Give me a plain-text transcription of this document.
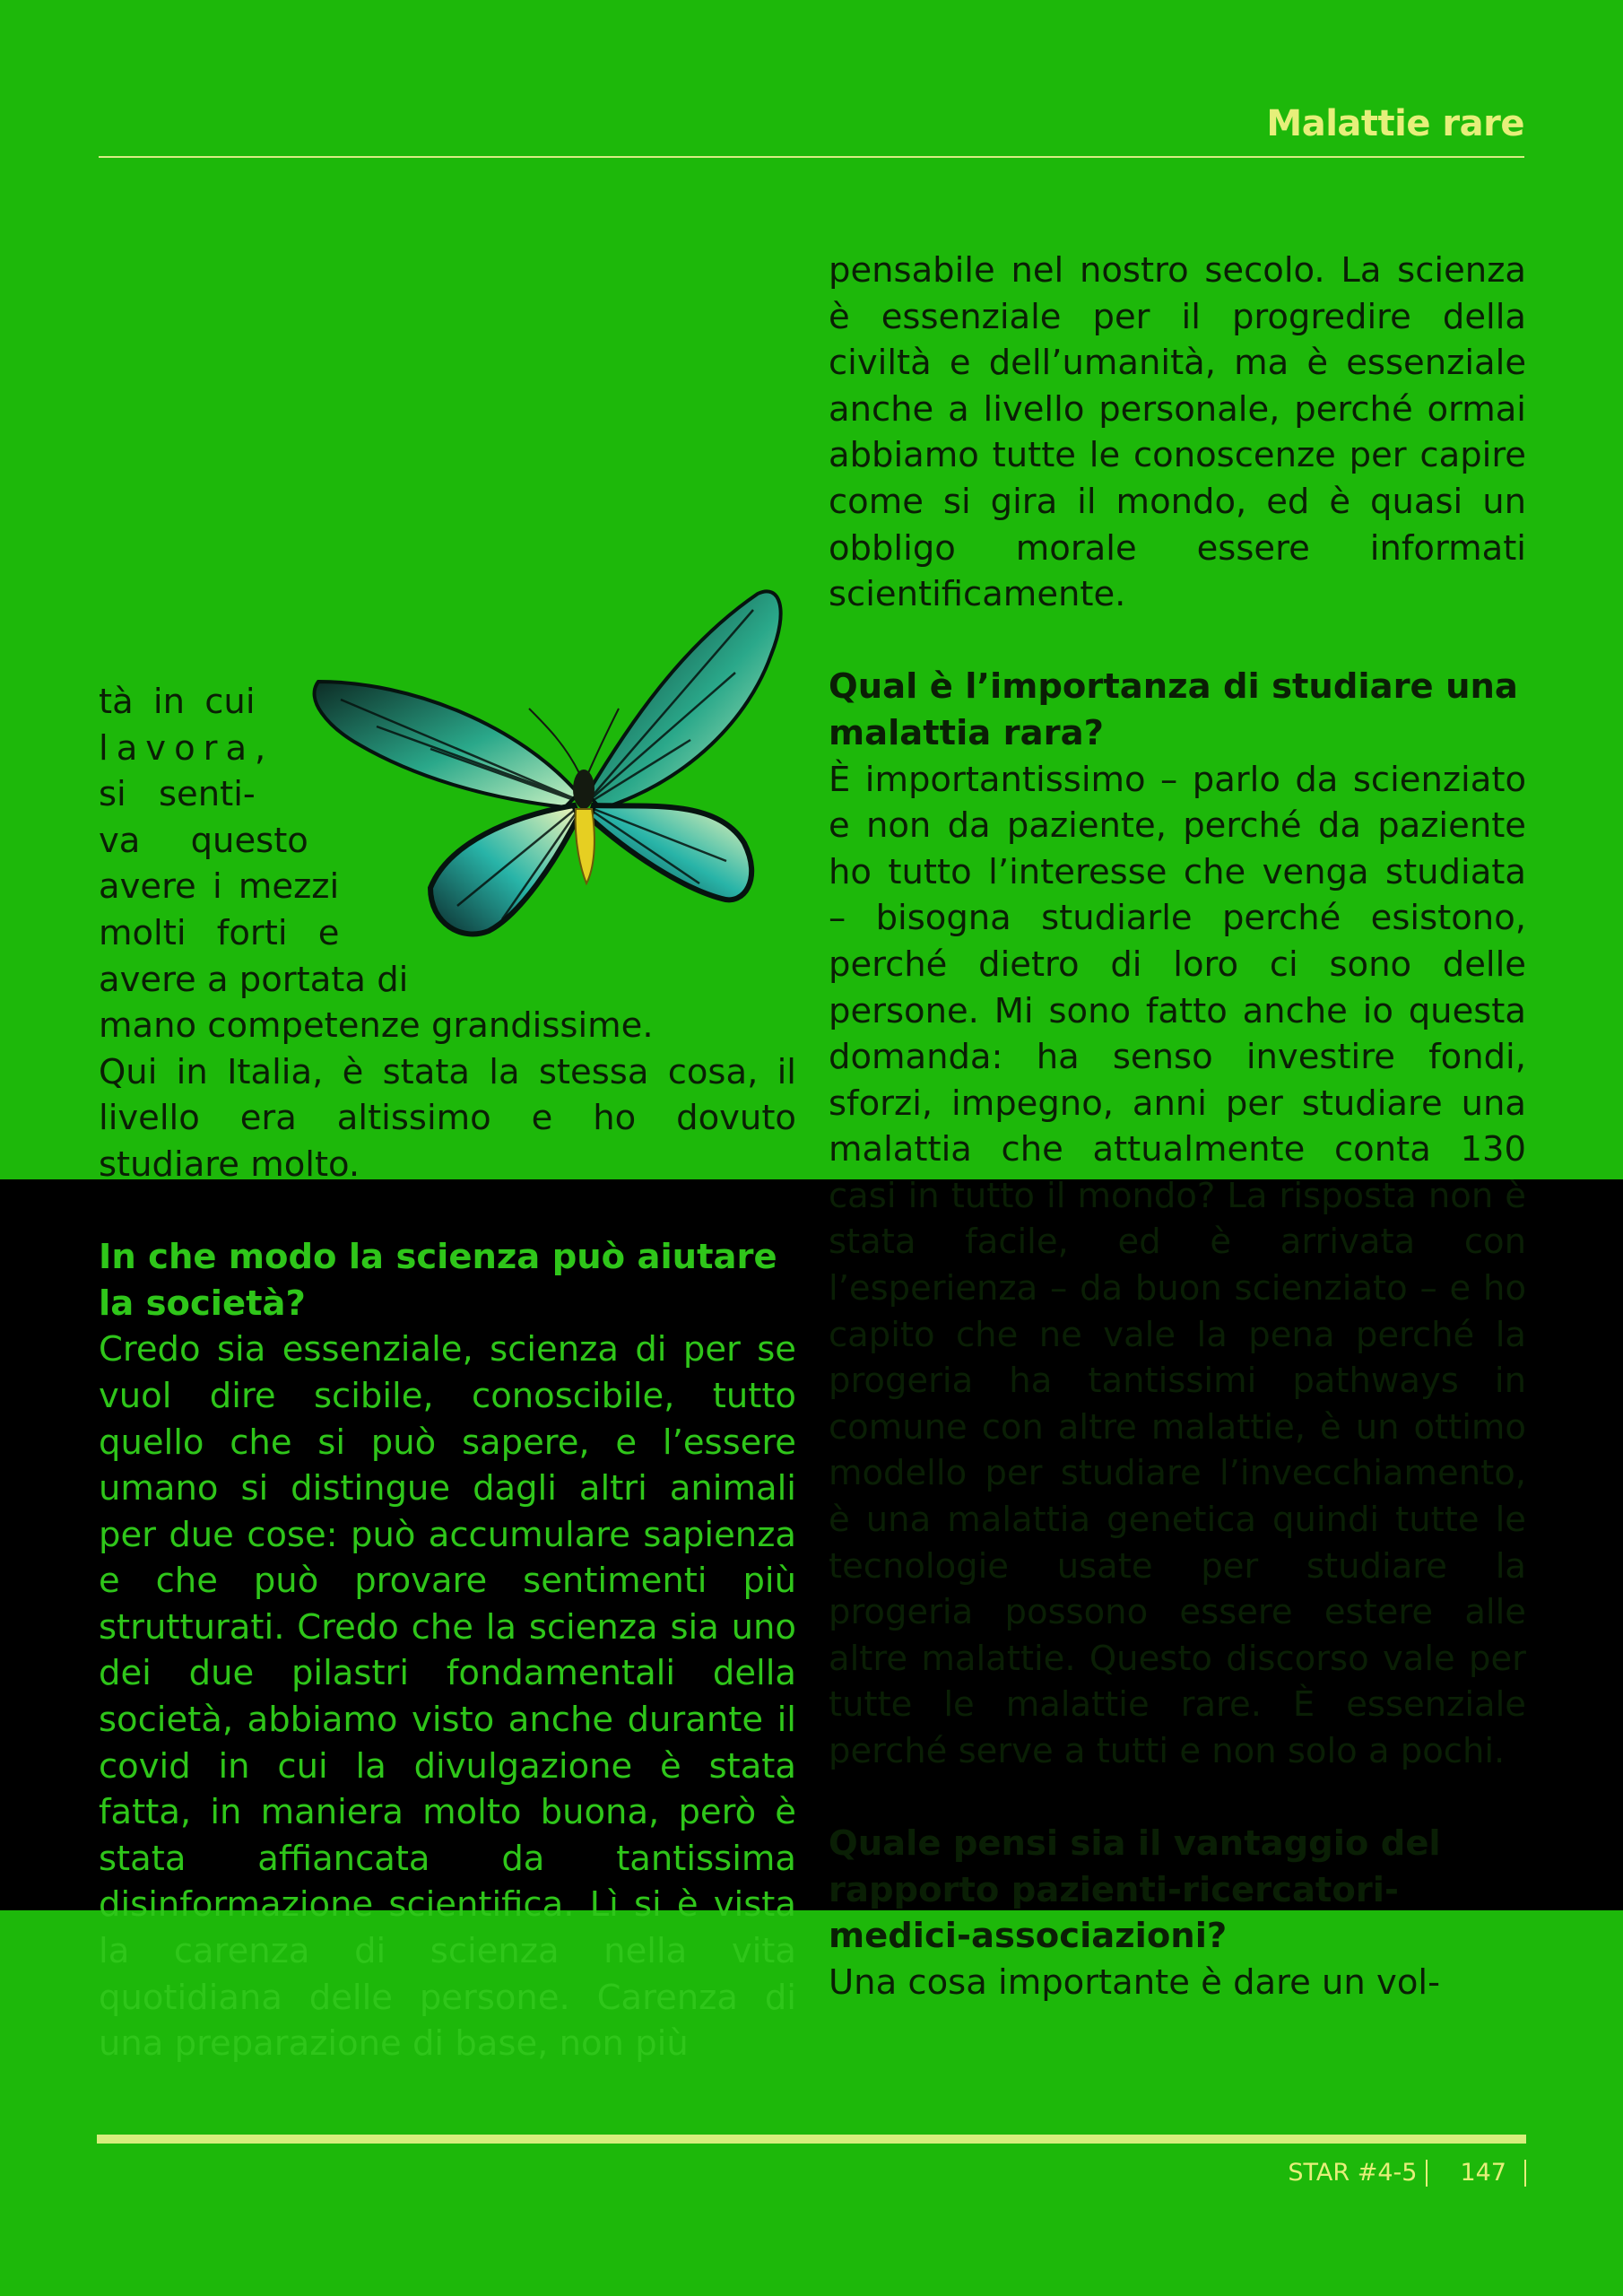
Malattie rare
tà in cui
lavora,
si senti-
va questo
avere i mezzi
molti forti e
avere a portata di
mano competenze grandissime.

Qui in Italia, è stata la stessa cosa, il livello era altissimo e ho dovuto studiare molto.

In che modo la scienza può aiutare la società?

Credo sia essenziale, scienza di per se vuol dire scibile, conoscibile, tutto quello che si può sapere, e l’essere umano si distingue dagli altri animali per due cose: può accumulare sapienza e che può provare sentimenti più strutturati. Credo che la scienza sia uno dei due pilastri fondamentali della società, abbiamo visto anche durante il covid in cui la divulgazione è stata fatta, in maniera molto buona, però è stata affiancata da tantissima disinformazione scientifica. Lì si è vista la carenza di scienza nella vita quotidiana delle persone. Carenza di una preparazione di base, non più

pensabile nel nostro secolo. La scienza è essenziale per il progredire della civiltà e dell’umanità, ma è essenziale anche a livello personale, perché ormai abbiamo tutte le conoscenze per capire come si gira il mondo, ed è quasi un obbligo morale essere informati scientificamente.

Qual è l’importanza di studiare una malattia rara?

È importantissimo – parlo da scienziato e non da paziente, perché da paziente ho tutto l’interesse che venga studiata – bisogna studiarle perché esistono, perché dietro di loro ci sono delle persone. Mi sono fatto anche io questa domanda: ha senso investire fondi, sforzi, impegno, anni per studiare una malattia che attualmente conta 130 casi in tutto il mondo? La risposta non è stata facile, ed è arrivata con l’esperienza – da buon scienziato – e ho capito che ne vale la pena perché la progeria ha tantissimi pathways in comune con altre malattie, è un ottimo modello per studiare l’invecchiamento, è una malattia genetica quindi tutte le tecnologie usate per studiare la progeria possono essere estere alle altre malattie. Questo discorso vale per tutte le malattie rare. È essenziale perché serve a tutti e non solo a pochi.

Quale pensi sia il vantaggio del rapporto pazienti-ricercatori-medici-associazioni?

Una cosa importante è dare un vol-

STAR #4-5 147
